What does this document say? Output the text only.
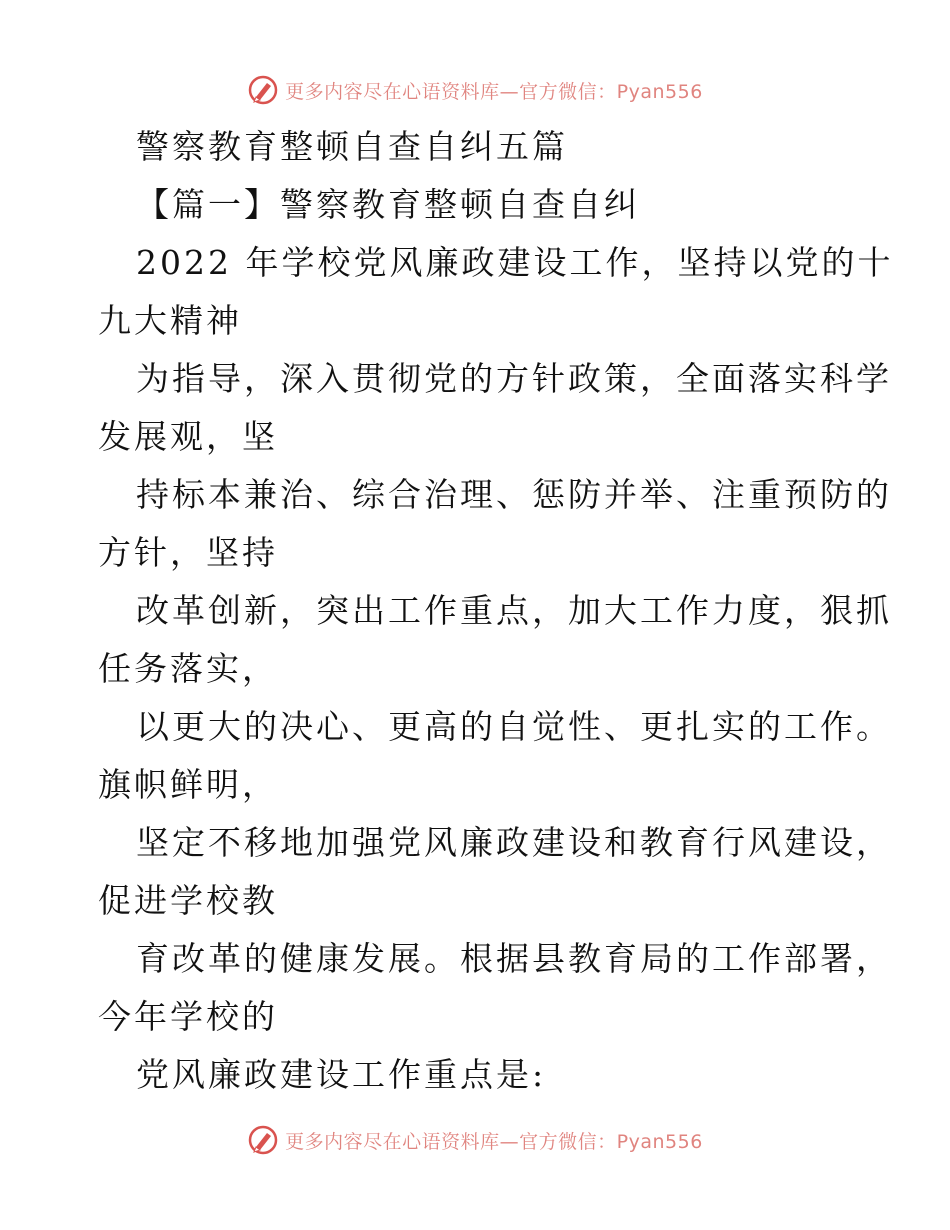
更多内容尽在心语资料库—官方微信：Pyan556
警察教育整顿自查自纠五篇
【篇一】警察教育整顿自查自纠
2022 年学校党风廉政建设工作，坚持以党的十
九大精神
为指导，深入贯彻党的方针政策，全面落实科学
发展观，坚
持标本兼治、综合治理、惩防并举、注重预防的
方针，坚持
改革创新，突出工作重点，加大工作力度，狠抓
任务落实，
以更大的决心、更高的自觉性、更扎实的工作。
旗帜鲜明，
坚定不移地加强党风廉政建设和教育行风建设，
促进学校教
育改革的健康发展。根据县教育局的工作部署，
今年学校的
党风廉政建设工作重点是:
更多内容尽在心语资料库—官方微信：Pyan556
